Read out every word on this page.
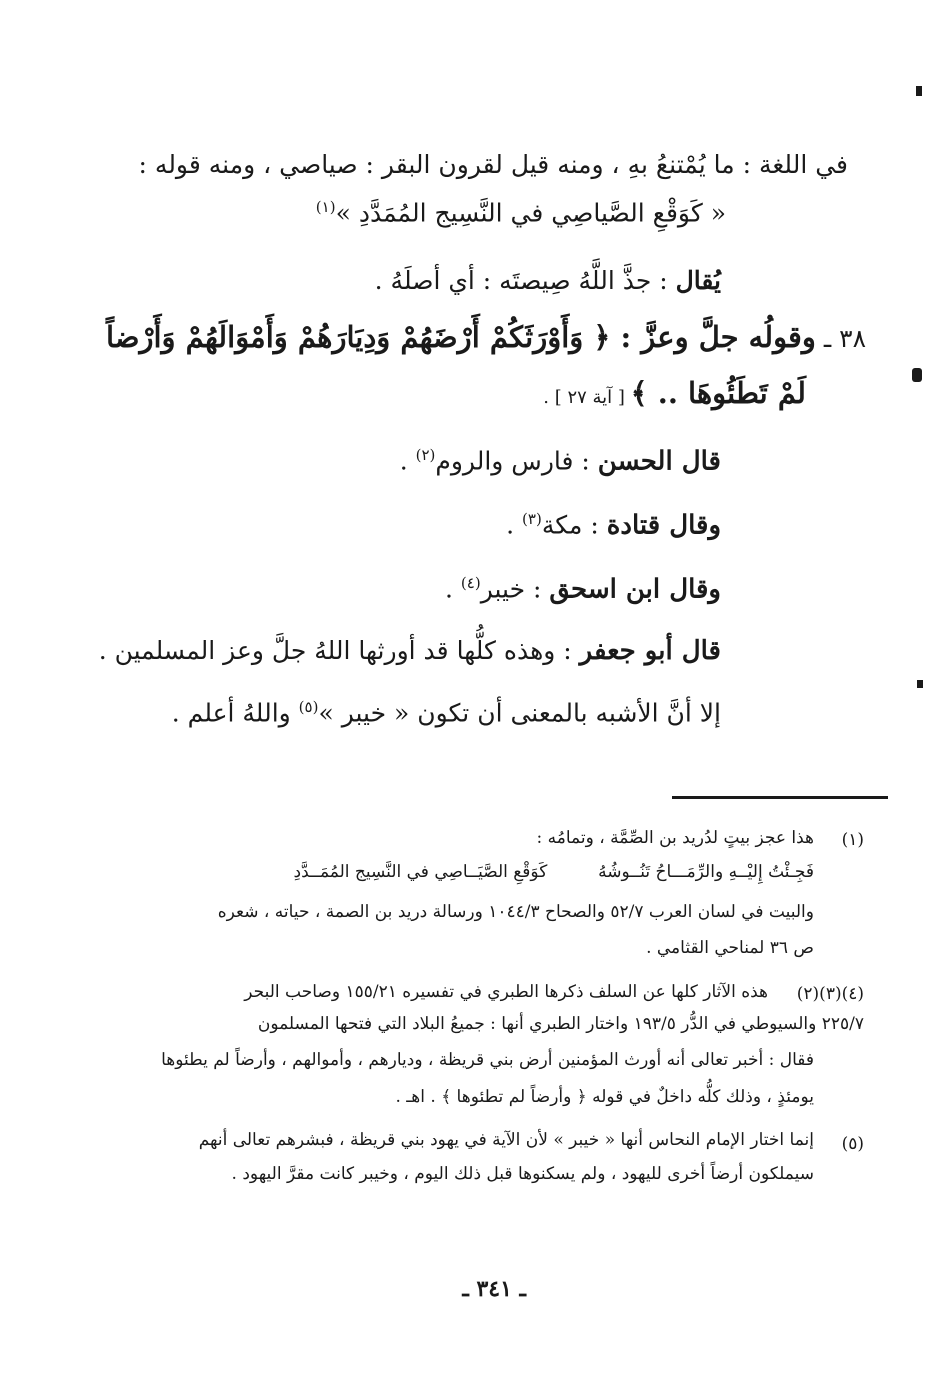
في اللغة : ما يُمْتنعُ بهِ ، ومنه قيل لقرون البقر : صياصي ، ومنه قوله :
« كَوَقْعِ الصَّياصِي في النَّسِيج المُمَدَّدِ »$^{(١)}$
يُقال : جذَّ اللَّهُ صِيصتَه : أي أصلَهُ .
٣٨ ـ وقولُه جلَّ وعزَّ : ﴿ وَأَوْرَثَكُمْ أَرْضَهُمْ وَدِيَارَهُمْ وَأَمْوَالَهُمْ وَأَرْضاً
لَمْ تَطَئُوهَا .. ﴾ [ آية ٢٧ ] .
قال الحسن : فارس والروم$^{(٢)}$ .
وقال قتادة : مكة$^{(٣)}$ .
وقال ابن اسحق : خيبر$^{(٤)}$ .
قال أبو جعفر : وهذه كلُّها قد أورثها اللهُ جلَّ وعز المسلمين .
إلا أنَّ الأشبه بالمعنى أن تكون « خيبر »$^{(٥)}$ واللهُ أعلم .
(١)
هذا عجز بيتٍ لدُريد بن الصِّمَّة ، وتمامُه :
فَجِـئْتُ إِليْــهِ والرِّمَـــاحُ تَنُــوشُهُ  كَوَقْعِ الصَّيَــاصِي في النَّسِيج المُمَــدَّدِ
والبيت في لسان العرب ٥٢/٧ والصحاح ١٠٤٤/٣ ورسالة دريد بن الصمة ، حياته ، شعره
ص ٣٦ لمناحي القثامي .
(٢)(٣)(٤)
هذه الآثار كلها عن السلف ذكرها الطبري في تفسيره ١٥٥/٢١ وصاحب البحر
٢٢٥/٧ والسيوطي في الدُّر ١٩٣/٥ واختار الطبري أنها : جميعُ البلاد التي فتحها المسلمون
فقال : أخبر تعالى أنه أورث المؤمنين أرض بني قريظة ، وديارهم ، وأموالهم ، وأرضاً لم يطئوها
يومئذٍ ، وذلك كلُّه داخلٌ في قوله ﴿ وأرضاً لم تطئوها ﴾ . اهـ .
(٥)
إنما اختار الإمام النحاس أنها « خيبر » لأن الآية في يهود بني قريظة ، فبشرهم تعالى أنهم
سيملكون أرضاً أخرى لليهود ، ولم يسكنوها قبل ذلك اليوم ، وخيبر كانت مقرَّ اليهود .
ـ ٣٤١ ـ
